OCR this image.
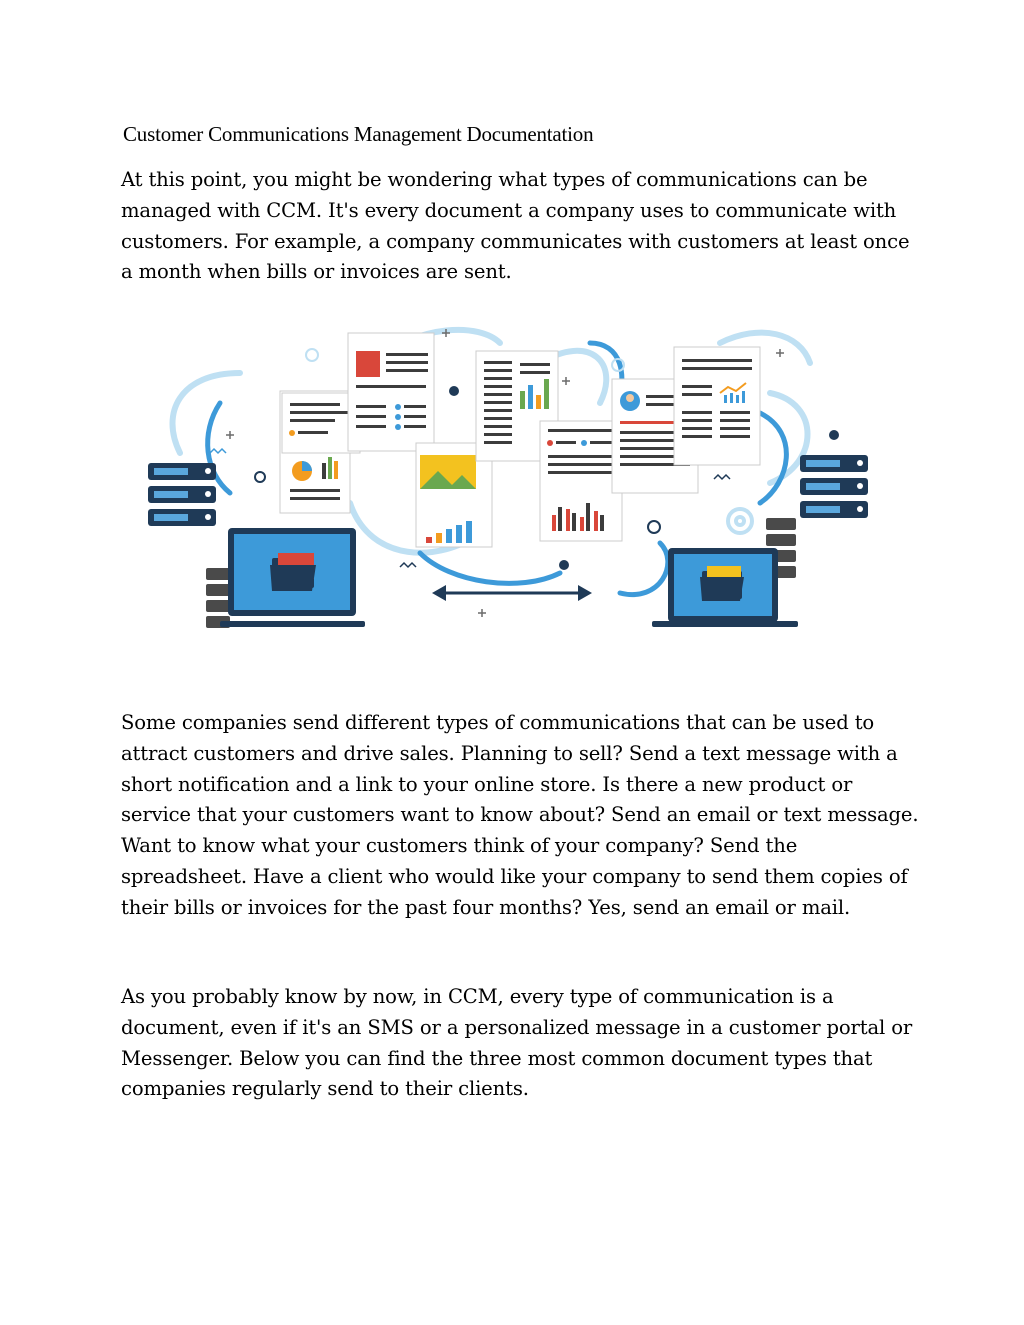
Customer Communications Management Documentation

At this point, you might be wondering what types of communications can be managed with CCM. It's every document a company uses to communicate with customers. For example, a company communicates with customers at least once a month when bills or invoices are sent.

Some companies send different types of communications that can be used to attract customers and drive sales. Planning to sell? Send a text message with a short notification and a link to your online store. Is there a new product or service that your customers want to know about? Send an email or text message. Want to know what your customers think of your company? Send the spreadsheet. Have a client who would like your company to send them copies of their bills or invoices for the past four months? Yes, send an email or mail.

As you probably know by now, in CCM, every type of communication is a document, even if it's an SMS or a personalized message in a customer portal or Messenger. Below you can find the three most common document types that companies regularly send to their clients.
